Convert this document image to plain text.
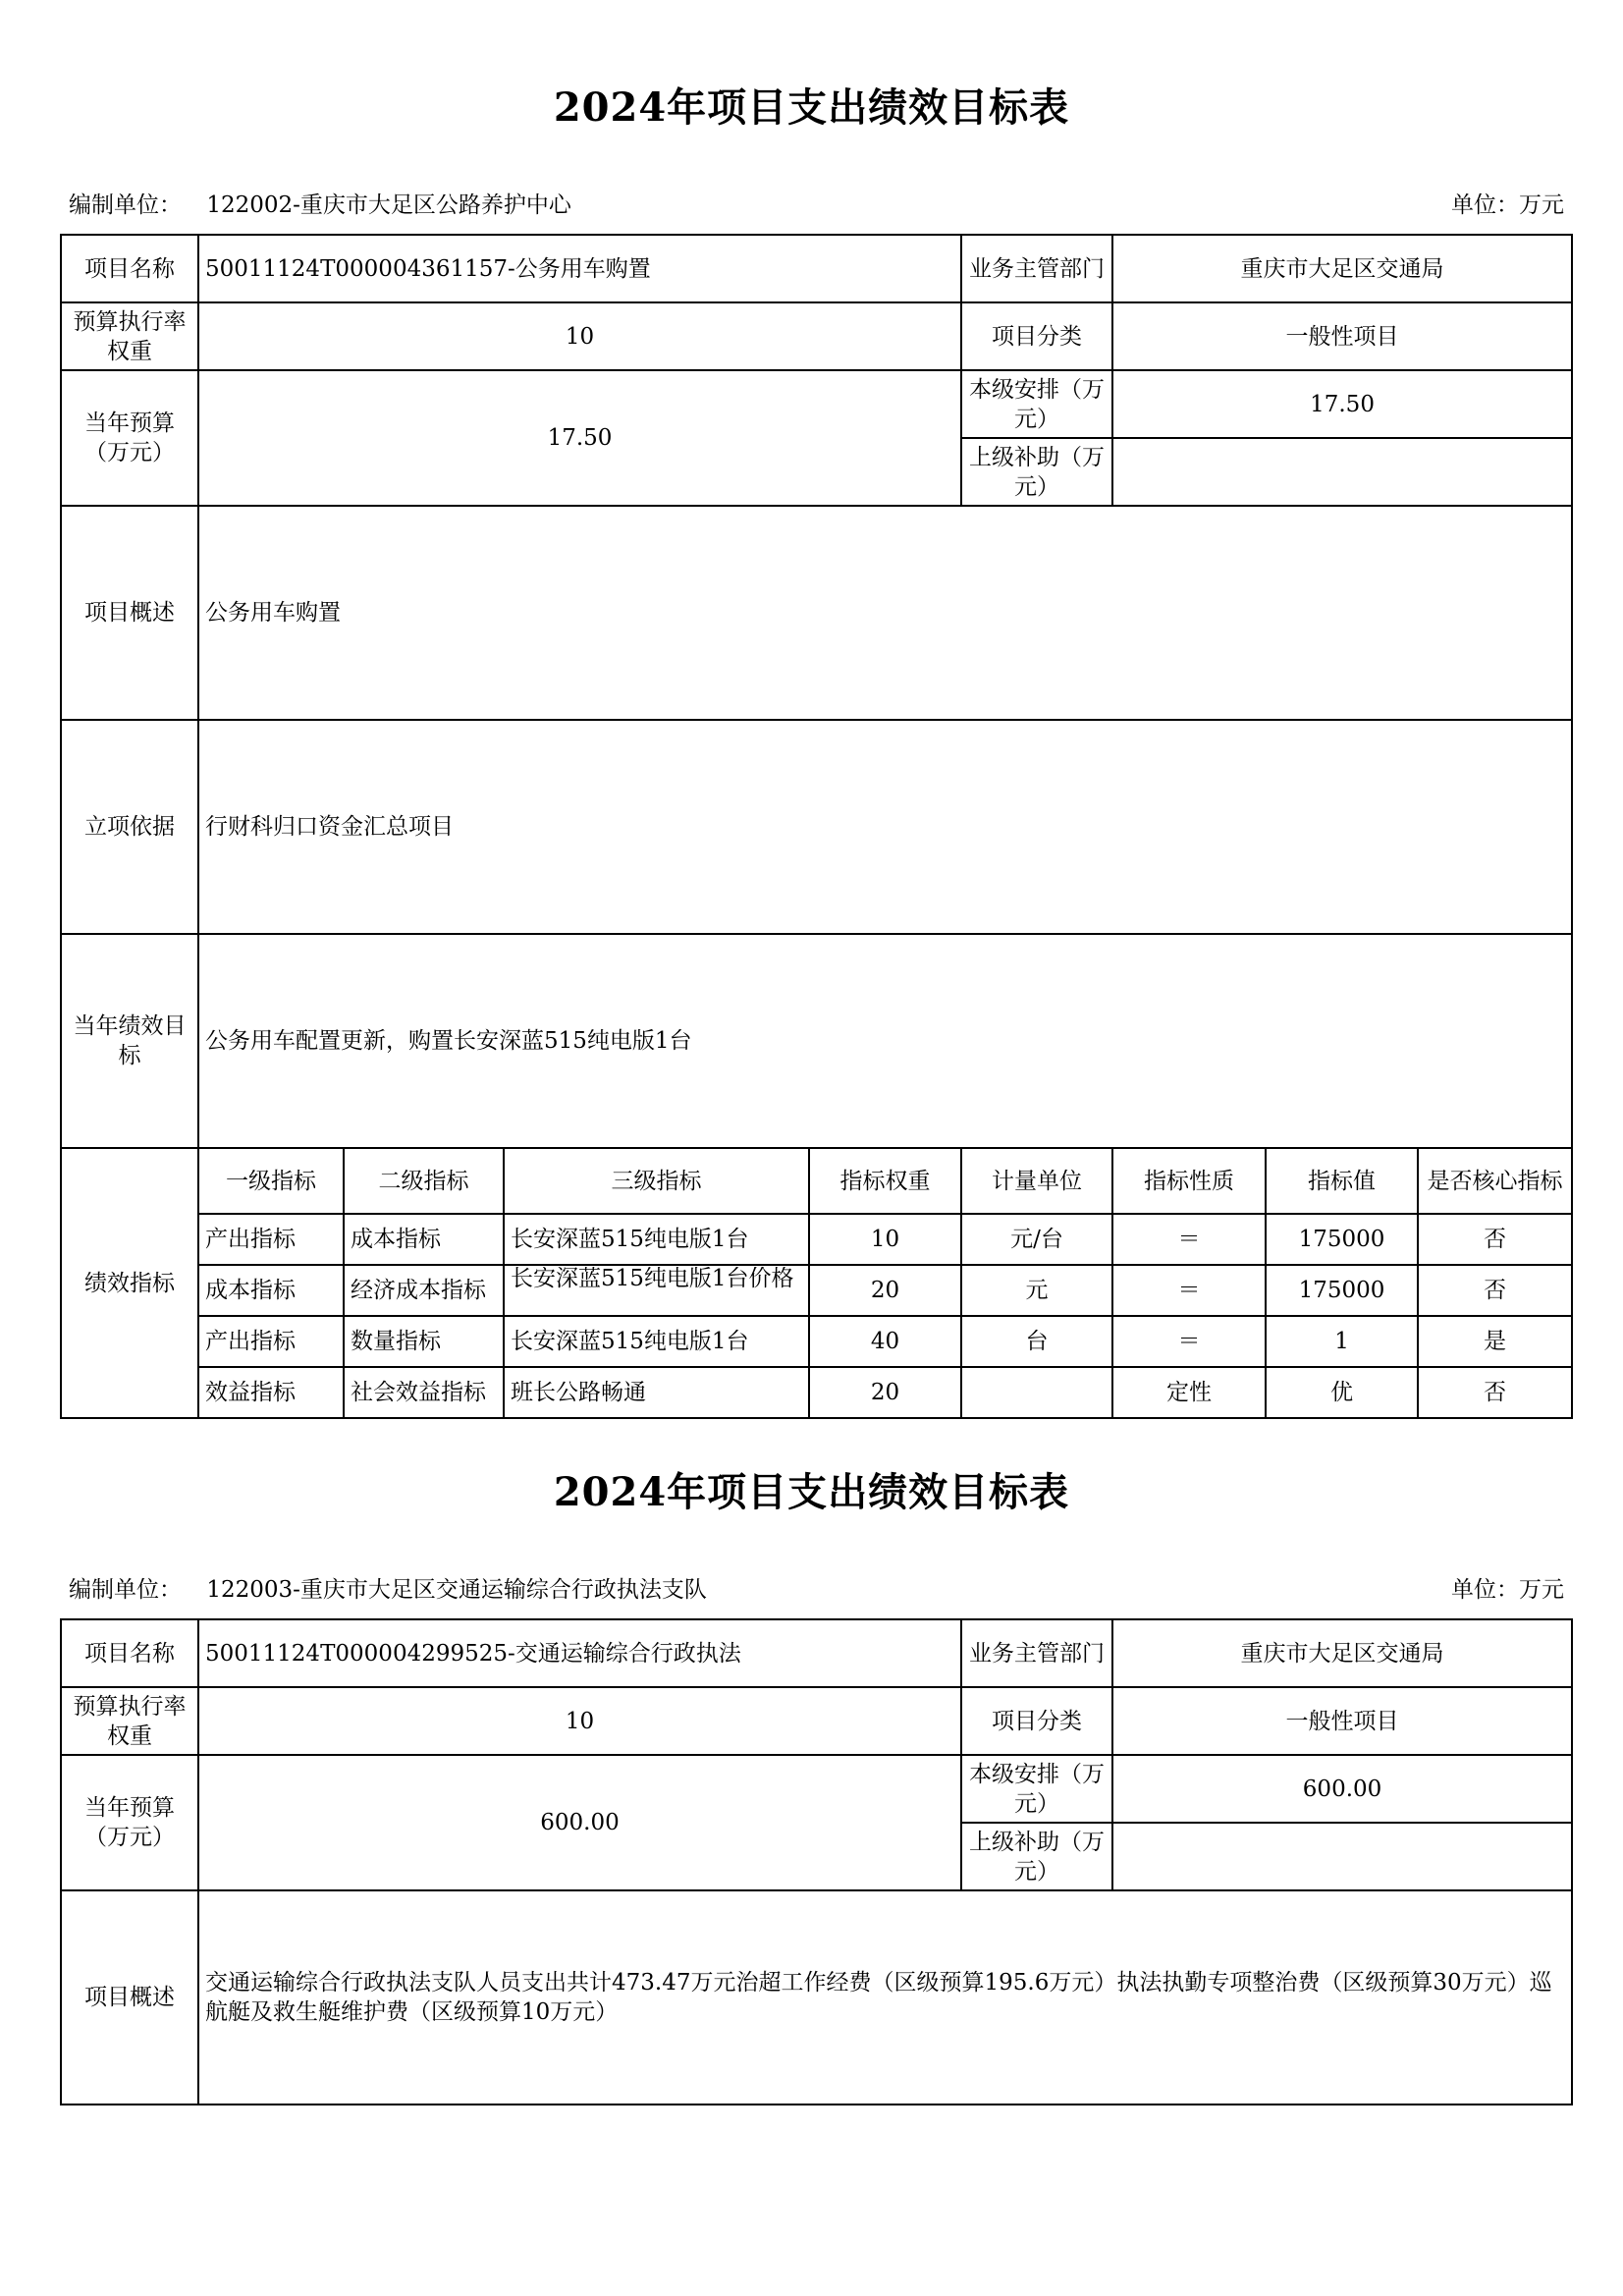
2024年项目支出绩效目标表
编制单位： 122002-重庆市大足区公路养护中心	单位：万元
项目名称	50011124T000004361157-公务用车购置				业务主管部门	重庆市大足区交通局		
预算执行率权重	10				项目分类	一般性项目		
当年预算（万元）	17.50				本级安排（万元）	17.50		
					上级补助（万元）			
项目概述	公务用车购置							
立项依据	行财科归口资金汇总项目							
当年绩效目标	公务用车配置更新，购置长安深蓝515纯电版1台							
绩效指标	一级指标	二级指标	三级指标	指标权重	计量单位	指标性质	指标值	是否核心指标
	产出指标	成本指标	长安深蓝515纯电版1台	10	元/台	＝	175000	否
	成本指标	经济成本指标	长安深蓝515纯电版1台价格	20	元	＝	175000	否
	产出指标	数量指标	长安深蓝515纯电版1台	40	台	＝	1	是
	效益指标	社会效益指标	班长公路畅通	20		定性	优	否
2024年项目支出绩效目标表
编制单位： 122003-重庆市大足区交通运输综合行政执法支队	单位：万元
项目名称	50011124T000004299525-交通运输综合行政执法	业务主管部门	重庆市大足区交通局
预算执行率权重	10	项目分类	一般性项目
当年预算（万元）	600.00	本级安排（万元）	600.00
		上级补助（万元）	
项目概述	交通运输综合行政执法支队人员支出共计473.47万元治超工作经费（区级预算195.6万元）执法执勤专项整治费（区级预算30万元）巡航艇及救生艇维护费（区级预算10万元）		
